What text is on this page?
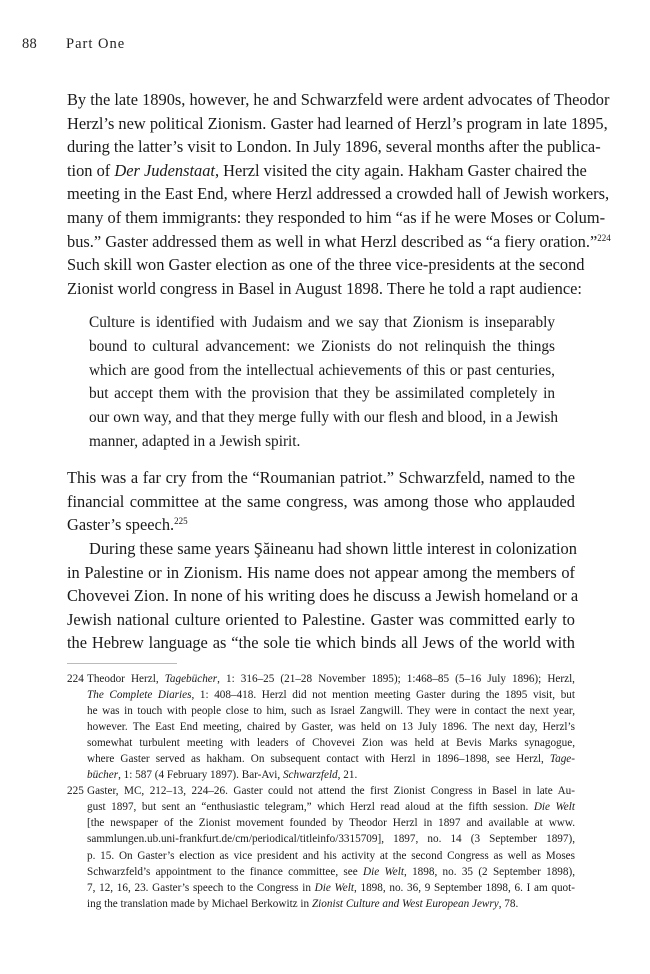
88 Part One
By the late 1890s, however, he and Schwarzfeld were ardent advocates of Theodor
Herzl’s new political Zionism. Gaster had learned of Herzl’s program in late 1895,
during the latter’s visit to London. In July 1896, several months after the publica-
tion of Der Judenstaat, Herzl visited the city again. Hakham Gaster chaired the
meeting in the East End, where Herzl addressed a crowded hall of Jewish workers,
many of them immigrants: they responded to him “as if he were Moses or Colum-
bus.” Gaster addressed them as well in what Herzl described as “a fiery oration.”$^{224}$
Such skill won Gaster election as one of the three vice-presidents at the second
Zionist world congress in Basel in August 1898. There he told a rapt audience:
Culture is identified with Judaism and we say that Zionism is inseparably
bound to cultural advancement: we Zionists do not relinquish the things
which are good from the intellectual achievements of this or past centuries,
but accept them with the provision that they be assimilated completely in
our own way, and that they merge fully with our flesh and blood, in a Jewish
manner, adapted in a Jewish spirit.
This was a far cry from the “Roumanian patriot.” Schwarzfeld, named to the
financial committee at the same congress, was among those who applauded
Gaster’s speech.$^{225}$
During these same years Şăineanu had shown little interest in colonization
in Palestine or in Zionism. His name does not appear among the members of
Chovevei Zion. In none of his writing does he discuss a Jewish homeland or a
Jewish national culture oriented to Palestine. Gaster was committed early to
the Hebrew language as “the sole tie which binds all Jews of the world with
224 Theodor Herzl, Tagebücher, 1: 316–25 (21–28 November 1895); 1:468–85 (5–16 July 1896); Herzl,
The Complete Diaries, 1: 408–418. Herzl did not mention meeting Gaster during the 1895 visit, but
he was in touch with people close to him, such as Israel Zangwill. They were in contact the next year,
however. The East End meeting, chaired by Gaster, was held on 13 July 1896. The next day, Herzl’s
somewhat turbulent meeting with leaders of Chovevei Zion was held at Bevis Marks synagogue,
where Gaster served as hakham. On subsequent contact with Herzl in 1896–1898, see Herzl, Tage-
bücher, 1: 587 (4 February 1897). Bar-Avi, Schwarzfeld, 21.
225 Gaster, MC, 212–13, 224–26. Gaster could not attend the first Zionist Congress in Basel in late Au-
gust 1897, but sent an “enthusiastic telegram,” which Herzl read aloud at the fifth session. Die Welt
[the newspaper of the Zionist movement founded by Theodor Herzl in 1897 and available at www.
sammlungen.ub.uni-frankfurt.de/cm/periodical/titleinfo/3315709], 1897, no. 14 (3 September 1897),
p. 15. On Gaster’s election as vice president and his activity at the second Congress as well as Moses
Schwarzfeld’s appointment to the finance committee, see Die Welt, 1898, no. 35 (2 September 1898),
7, 12, 16, 23. Gaster’s speech to the Congress in Die Welt, 1898, no. 36, 9 September 1898, 6. I am quot-
ing the translation made by Michael Berkowitz in Zionist Culture and West European Jewry, 78.
